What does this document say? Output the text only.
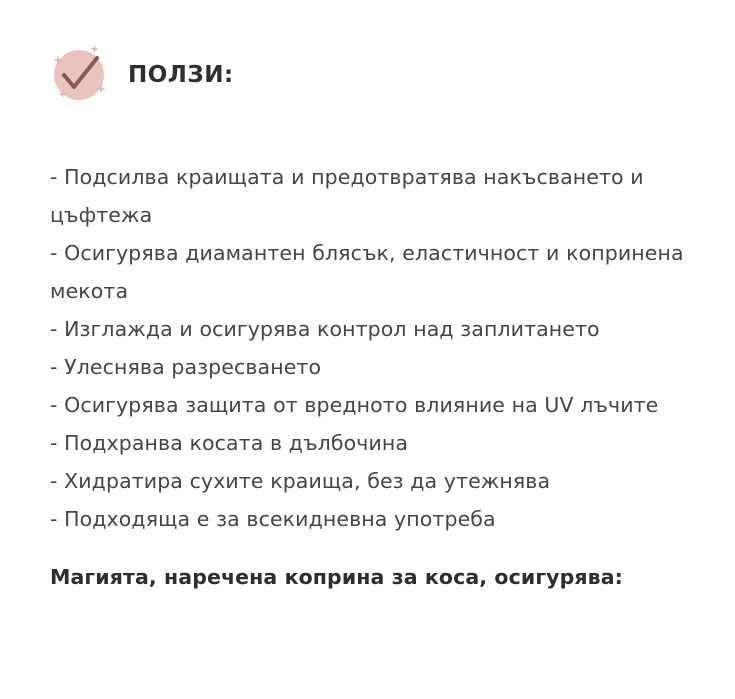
ПОЛЗИ:
- Подсилва краищата и предотвратява накъсването и цъфтежа
- Осигурява диамантен блясък, еластичност и копринена мекота
- Изглажда и осигурява контрол над заплитането
- Улеснява разресването
- Осигурява защита от вредното влияние на UV лъчите
- Подхранва косата в дълбочина
- Хидратира сухите краища, без да утежнява
- Подходяща е за всекидневна употреба
Магията, наречена коприна за коса, осигурява:
